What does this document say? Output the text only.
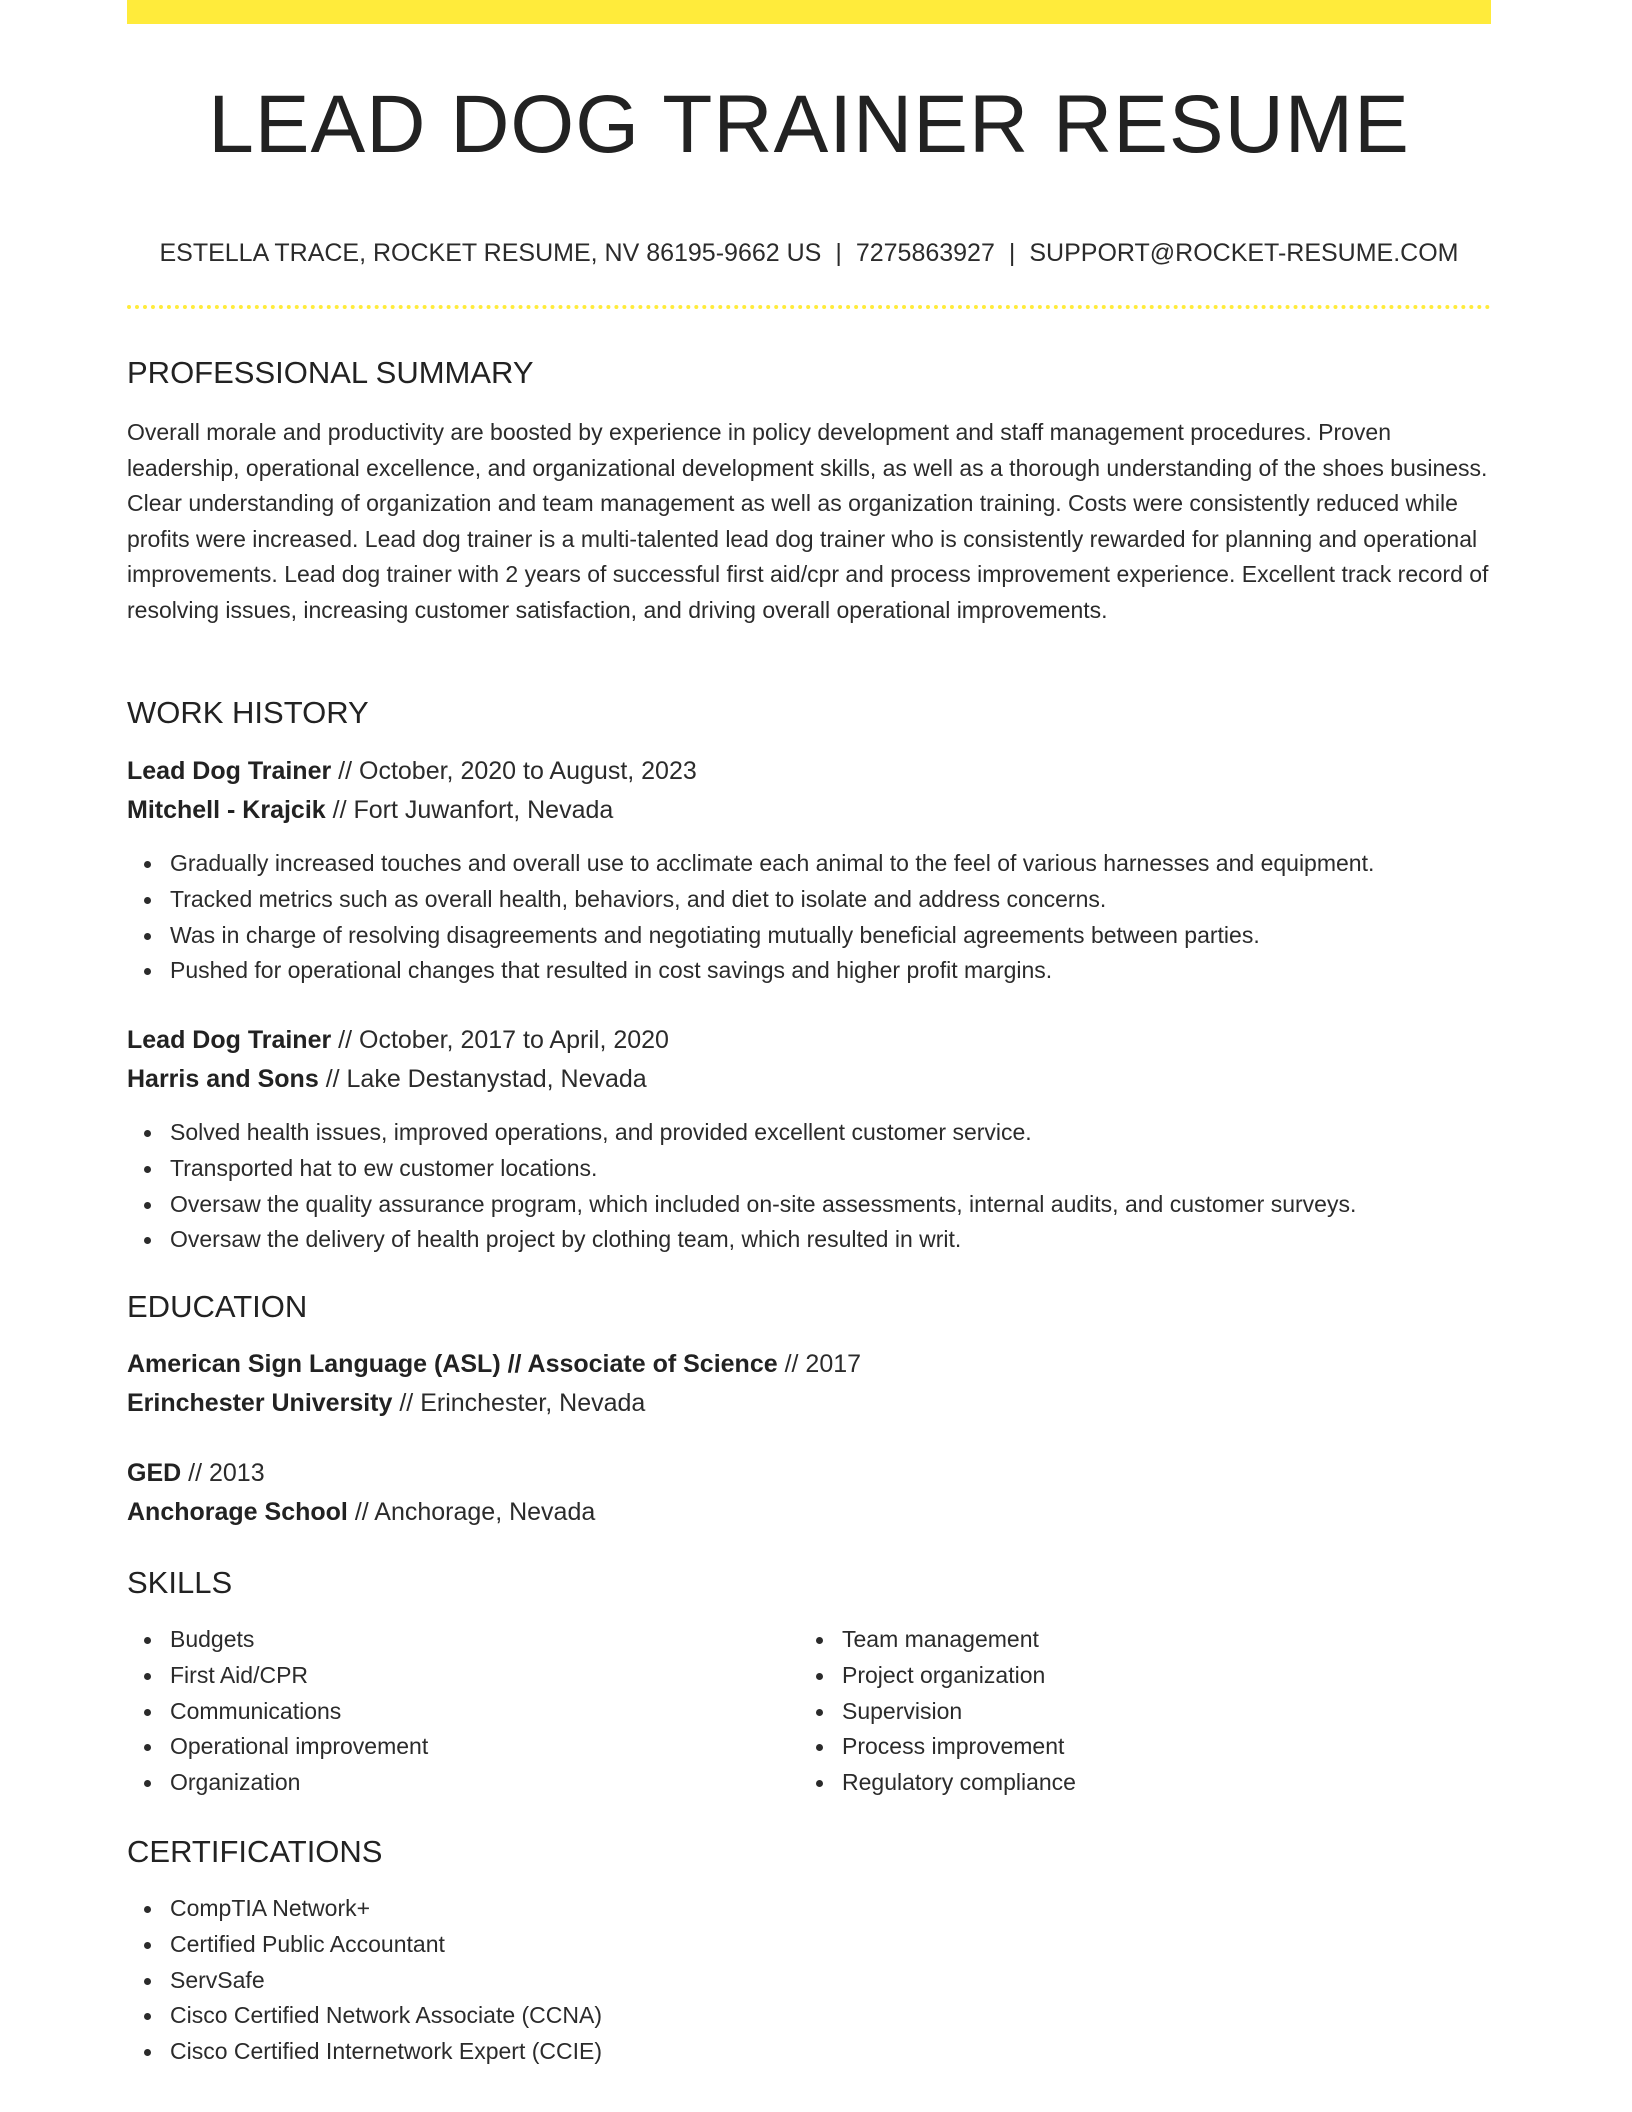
LEAD DOG TRAINER RESUME
ESTELLA TRACE, ROCKET RESUME, NV 86195-9662 US | 7275863927 | SUPPORT@ROCKET-RESUME.COM
PROFESSIONAL SUMMARY
Overall morale and productivity are boosted by experience in policy development and staff management procedures. Proven leadership, operational excellence, and organizational development skills, as well as a thorough understanding of the shoes business. Clear understanding of organization and team management as well as organization training. Costs were consistently reduced while profits were increased. Lead dog trainer is a multi-talented lead dog trainer who is consistently rewarded for planning and operational improvements. Lead dog trainer with 2 years of successful first aid/cpr and process improvement experience. Excellent track record of resolving issues, increasing customer satisfaction, and driving overall operational improvements.
WORK HISTORY
Lead Dog Trainer // October, 2020 to August, 2023
Mitchell - Krajcik // Fort Juwanfort, Nevada
Gradually increased touches and overall use to acclimate each animal to the feel of various harnesses and equipment.
Tracked metrics such as overall health, behaviors, and diet to isolate and address concerns.
Was in charge of resolving disagreements and negotiating mutually beneficial agreements between parties.
Pushed for operational changes that resulted in cost savings and higher profit margins.
Lead Dog Trainer // October, 2017 to April, 2020
Harris and Sons // Lake Destanystad, Nevada
Solved health issues, improved operations, and provided excellent customer service.
Transported hat to ew customer locations.
Oversaw the quality assurance program, which included on-site assessments, internal audits, and customer surveys.
Oversaw the delivery of health project by clothing team, which resulted in writ.
EDUCATION
American Sign Language (ASL) // Associate of Science // 2017
Erinchester University // Erinchester, Nevada
GED // 2013
Anchorage School // Anchorage, Nevada
SKILLS
Budgets
First Aid/CPR
Communications
Operational improvement
Organization
Team management
Project organization
Supervision
Process improvement
Regulatory compliance
CERTIFICATIONS
CompTIA Network+
Certified Public Accountant
ServSafe
Cisco Certified Network Associate (CCNA)
Cisco Certified Internetwork Expert (CCIE)
